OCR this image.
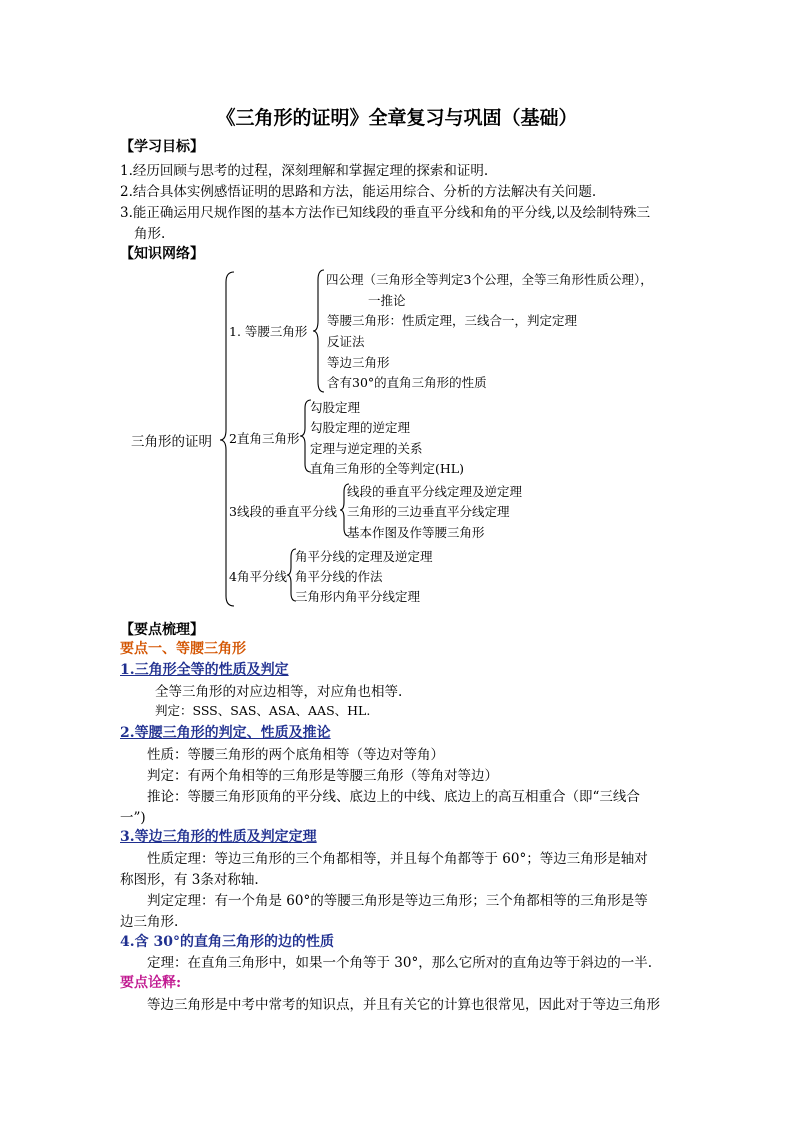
《三角形的证明》全章复习与巩固（基础）
【学习目标】
1.经历回顾与思考的过程，深刻理解和掌握定理的探索和证明.
2.结合具体实例感悟证明的思路和方法，能运用综合、分析的方法解决有关问题.
3.能正确运用尺规作图的基本方法作已知线段的垂直平分线和角的平分线,以及绘制特殊三
角形.
【知识网络】
三角形的证明
1. 等腰三角形
四公理（三角形全等判定3个公理，全等三角形性质公理），
一推论
等腰三角形：性质定理，三线合一，判定定理
反证法
等边三角形
含有30°的直角三角形的性质
2直角三角形
勾股定理
勾股定理的逆定理
定理与逆定理的关系
直角三角形的全等判定(HL)
3线段的垂直平分线
线段的垂直平分线定理及逆定理
三角形的三边垂直平分线定理
基本作图及作等腰三角形
4角平分线
角平分线的定理及逆定理
角平分线的作法
三角形内角平分线定理
【要点梳理】
要点一、等腰三角形
1.三角形全等的性质及判定
全等三角形的对应边相等，对应角也相等.
判定：SSS、SAS、ASA、AAS、HL.
2.等腰三角形的判定、性质及推论
性质：等腰三角形的两个底角相等（等边对等角）
判定：有两个角相等的三角形是等腰三角形（等角对等边）
推论：等腰三角形顶角的平分线、底边上的中线、底边上的高互相重合（即“三线合
一”)
3.等边三角形的性质及判定定理
性质定理：等边三角形的三个角都相等，并且每个角都等于 60°；等边三角形是轴对
称图形，有 3条对称轴.
判定定理：有一个角是 60°的等腰三角形是等边三角形；三个角都相等的三角形是等
边三角形.
4.含 30°的直角三角形的边的性质
定理：在直角三角形中，如果一个角等于 30°，那么它所对的直角边等于斜边的一半.
要点诠释:
等边三角形是中考中常考的知识点，并且有关它的计算也很常见，因此对于等边三角形
